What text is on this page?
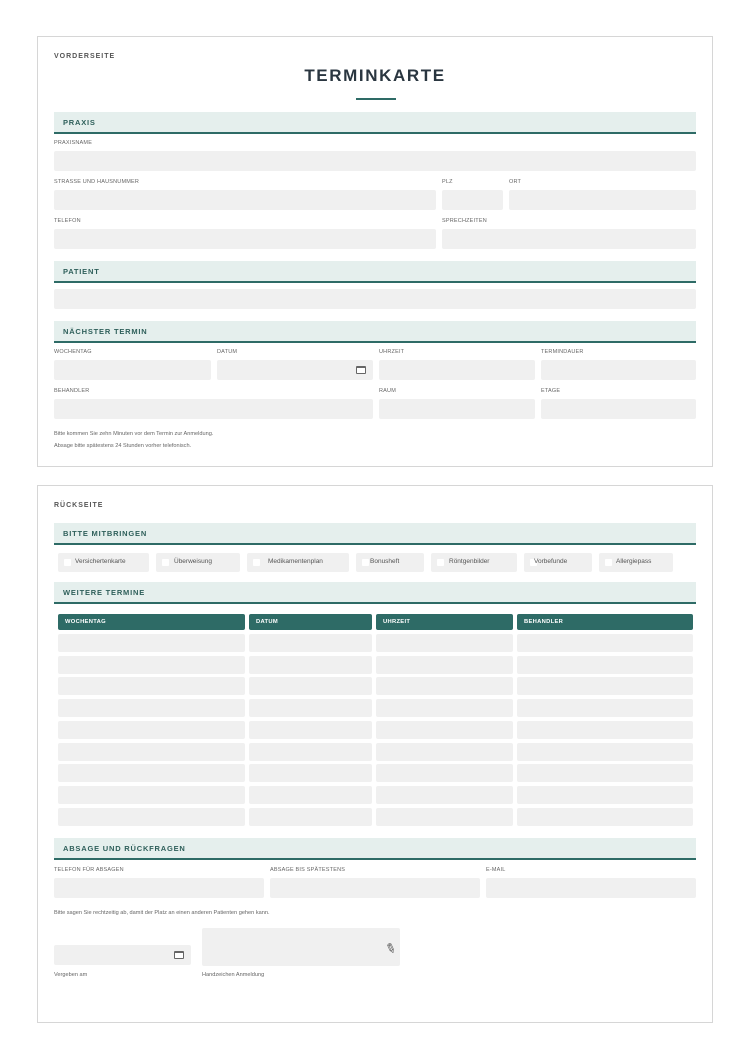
VORDERSEITE
TERMINKARTE
PRAXIS
PRAXISNAME
STRASSE UND HAUSNUMMER	PLZ	ORT
TELEFON	SPRECHZEITEN
PATIENT
NÄCHSTER TERMIN
WOCHENTAG	DATUM	UHRZEIT	TERMINDAUER
BEHANDLER	RAUM	ETAGE
Bitte kommen Sie zehn Minuten vor dem Termin zur Anmeldung.
Absage bitte spätestens 24 Stunden vorher telefonisch.
RÜCKSEITE
BITTE MITBRINGEN
Versichertenkarte	Überweisung	Medikamentenplan	Bonusheft	Röntgenbilder	Vorbefunde	Allergiepass
WEITERE TERMINE
WOCHENTAG	DATUM	UHRZEIT	BEHANDLER
ABSAGE UND RÜCKFRAGEN
TELEFON FÜR ABSAGEN	ABSAGE BIS SPÄTESTENS	E-MAIL
Bitte sagen Sie rechtzeitig ab, damit der Platz an einen anderen Patienten gehen kann.
✎
Vergeben am	Handzeichen Anmeldung
